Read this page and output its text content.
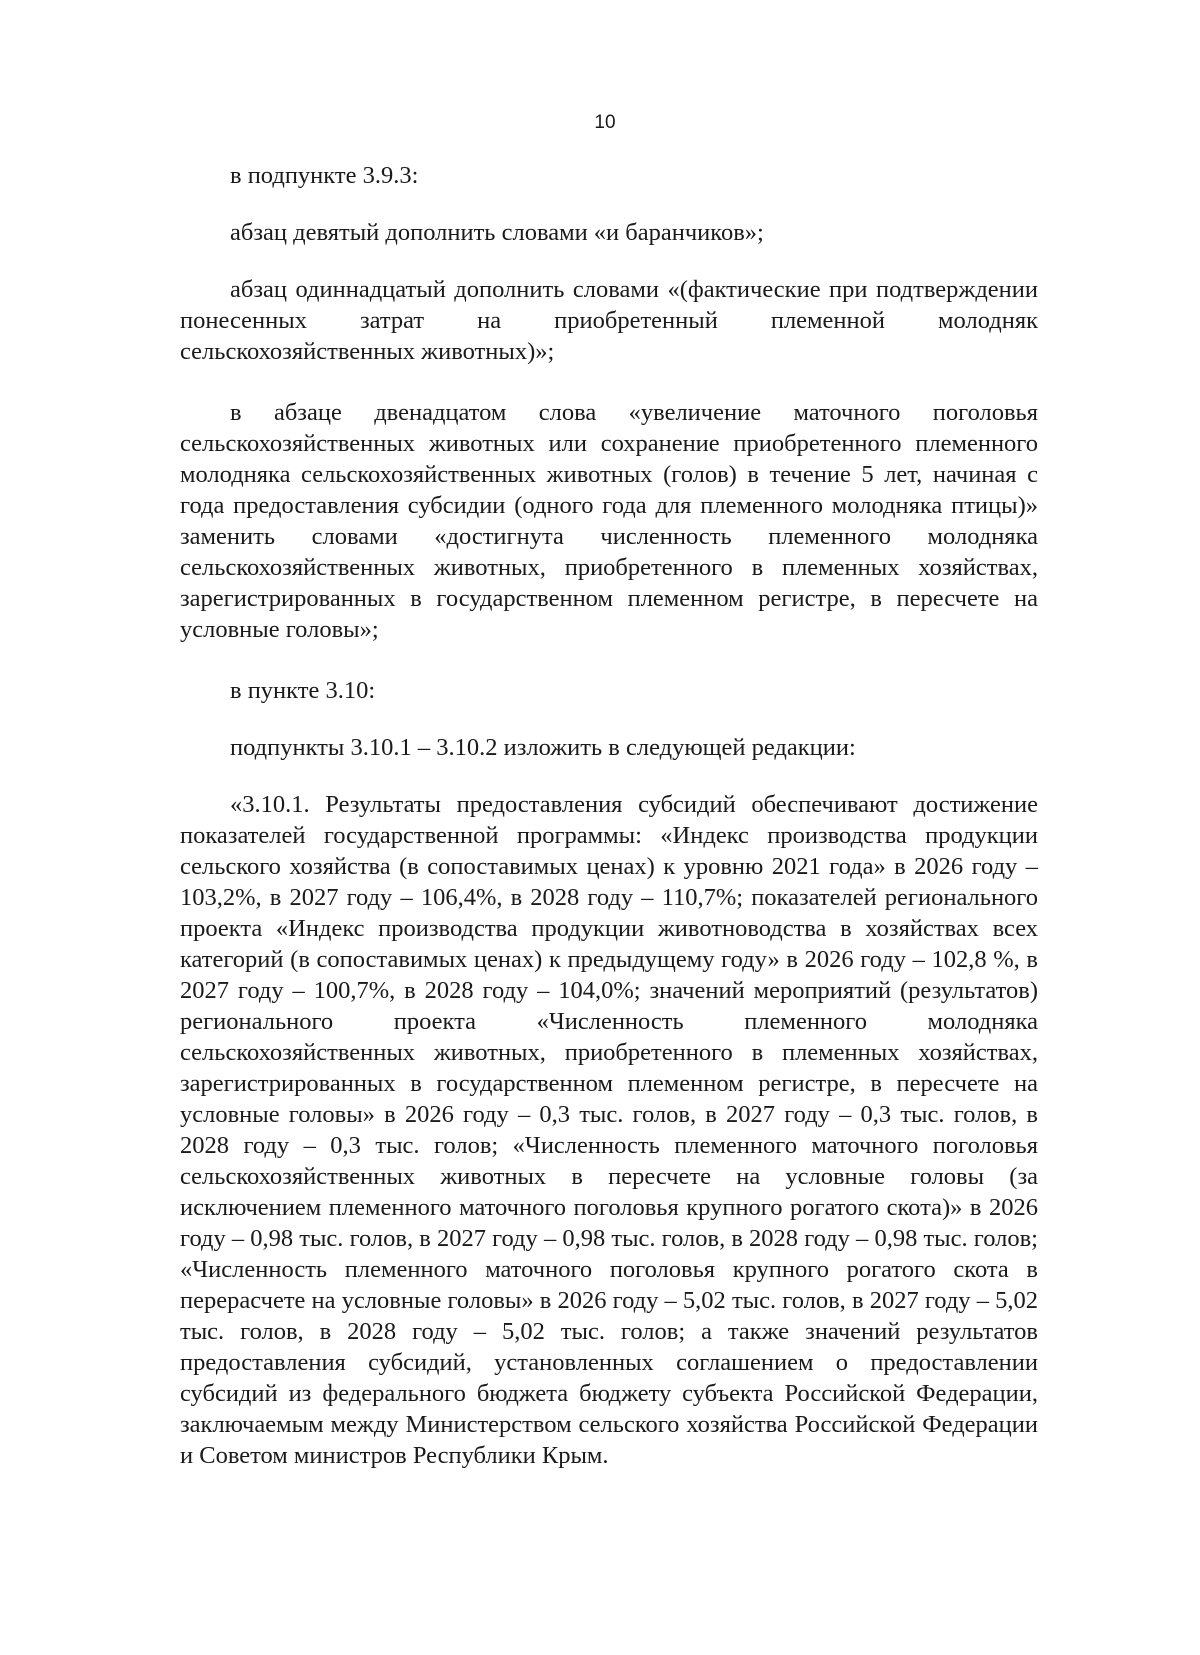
10

в подпункте 3.9.3:

абзац девятый дополнить словами «и баранчиков»;

абзац одиннадцатый дополнить словами «(фактические при подтверждении понесенных затрат на приобретенный племенной молодняк сельскохозяйственных животных)»;

в абзаце двенадцатом слова «увеличение маточного поголовья сельскохозяйственных животных или сохранение приобретенного племенного молодняка сельскохозяйственных животных (голов) в течение 5 лет, начиная с года предоставления субсидии (одного года для племенного молодняка птицы)» заменить словами «достигнута численность племенного молодняка сельскохозяйственных животных, приобретенного в племенных хозяйствах, зарегистрированных в государственном племенном регистре, в пересчете на условные головы»;

в пункте 3.10:

подпункты 3.10.1 – 3.10.2 изложить в следующей редакции:

«3.10.1. Результаты предоставления субсидий обеспечивают достижение показателей государственной программы: «Индекс производства продукции сельского хозяйства (в сопоставимых ценах) к уровню 2021 года» в 2026 году – 103,2%, в 2027 году – 106,4%, в 2028 году – 110,7%; показателей регионального проекта «Индекс производства продукции животноводства в хозяйствах всех категорий (в сопоставимых ценах) к предыдущему году» в 2026 году – 102,8 %, в 2027 году – 100,7%, в 2028 году – 104,0%; значений мероприятий (результатов) регионального проекта «Численность племенного молодняка сельскохозяйственных животных, приобретенного в племенных хозяйствах, зарегистрированных в государственном племенном регистре, в пересчете на условные головы» в 2026 году – 0,3 тыс. голов, в 2027 году – 0,3 тыс. голов, в 2028 году – 0,3 тыс. голов; «Численность племенного маточного поголовья сельскохозяйственных животных в пересчете на условные головы (за исключением племенного маточного поголовья крупного рогатого скота)» в 2026 году – 0,98 тыс. голов, в 2027 году – 0,98 тыс. голов, в 2028 году – 0,98 тыс. голов; «Численность племенного маточного поголовья крупного рогатого скота в перерасчете на условные головы» в 2026 году – 5,02 тыс. голов, в 2027 году – 5,02 тыс. голов, в 2028 году – 5,02 тыс. голов; а также значений результатов предоставления субсидий, установленных соглашением о предоставлении субсидий из федерального бюджета бюджету субъекта Российской Федерации, заключаемым между Министерством сельского хозяйства Российской Федерации и Советом министров Республики Крым.
